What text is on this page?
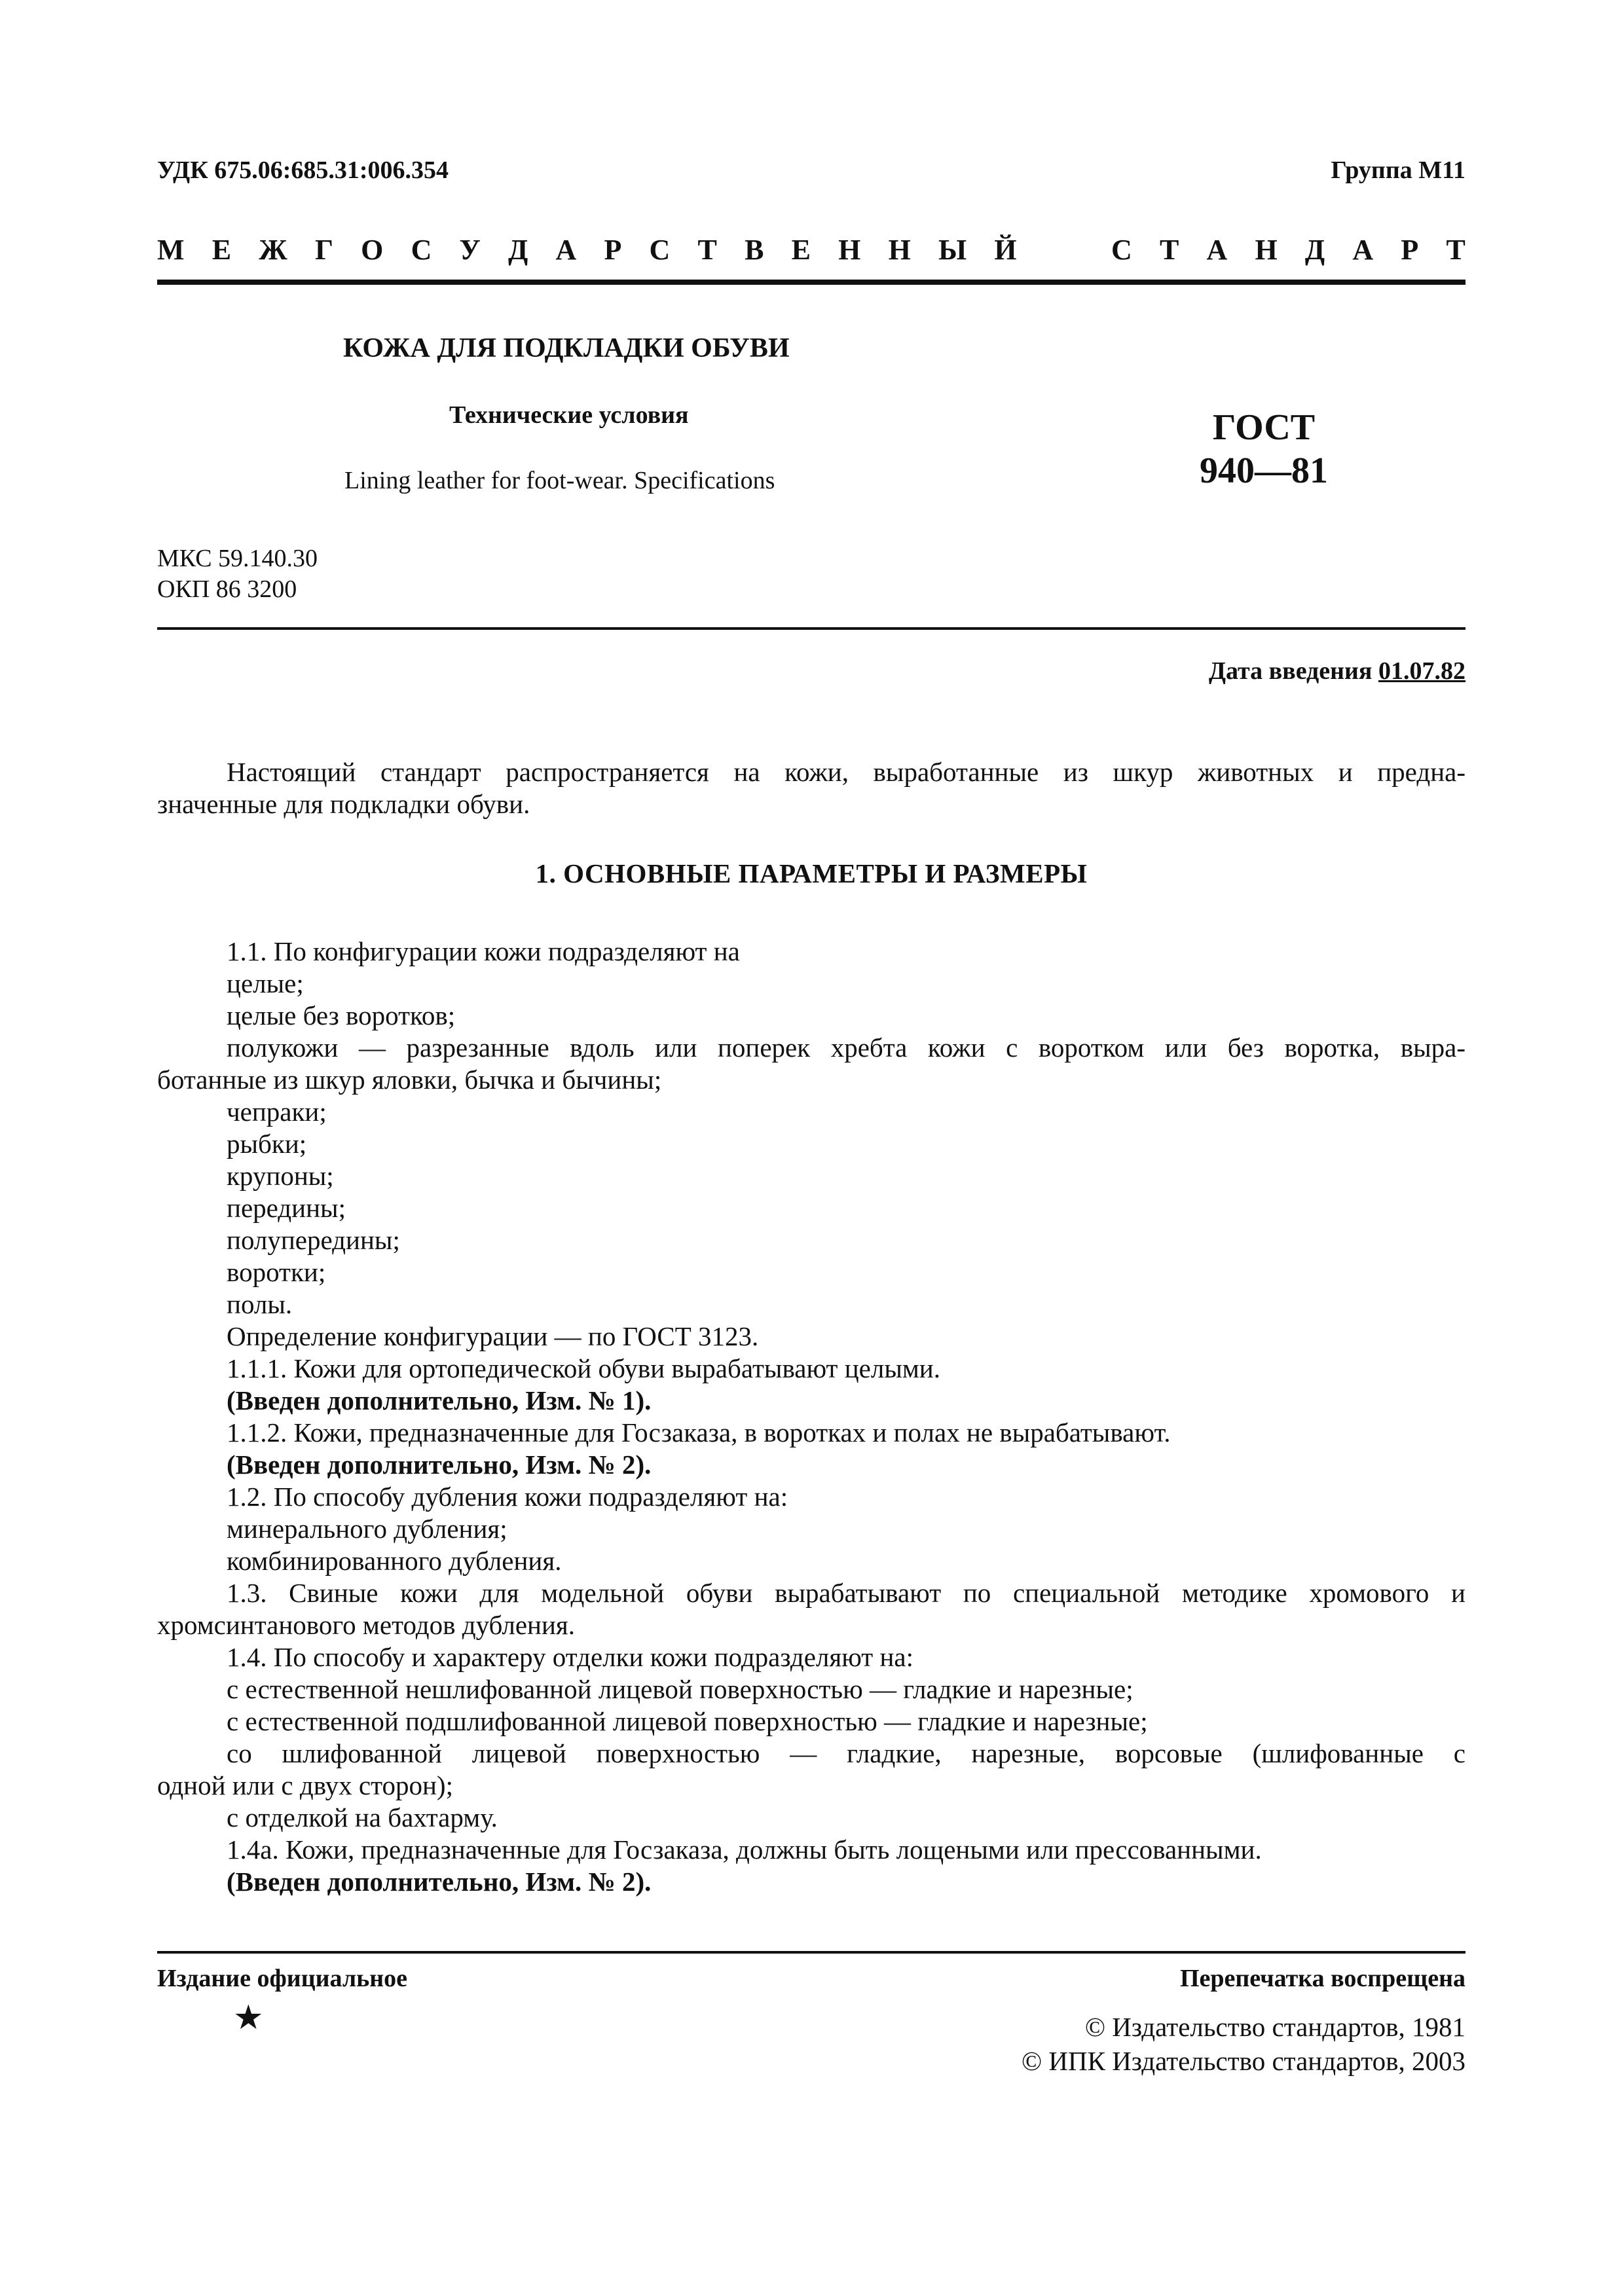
УДК 675.06:685.31:006.354	Группа М11
М Е Ж Г О С У Д А Р С Т В Е Н Н Ы Й	С Т А Н Д А Р Т
КОЖА ДЛЯ ПОДКЛАДКИ ОБУВИ
Технические условия
Lining leather for foot-wear. Specifications
ГОСТ
940—81
МКС 59.140.30
ОКП 86 3200
Дата введения 01.07.82

Настоящий стандарт распространяется на кожи, выработанные из шкур животных и предна-

значенные для подкладки обуви.

1. ОСНОВНЫЕ ПАРАМЕТРЫ И РАЗМЕРЫ

1.1. По конфигурации кожи подразделяют на

целые;

целые без воротков;

полукожи — разрезанные вдоль или поперек хребта кожи с воротком или без воротка, выра-

ботанные из шкур яловки, бычка и бычины;

чепраки;

рыбки;

крупоны;

передины;

полупередины;

воротки;

полы.

Определение конфигурации — по ГОСТ 3123.

1.1.1. Кожи для ортопедической обуви вырабатывают целыми.

(Введен дополнительно, Изм. № 1).

1.1.2. Кожи, предназначенные для Госзаказа, в воротках и полах не вырабатывают.

(Введен дополнительно, Изм. № 2).

1.2. По способу дубления кожи подразделяют на:

минерального дубления;

комбинированного дубления.

1.3. Свиные кожи для модельной обуви вырабатывают по специальной методике хромового и

хромсинтанового методов дубления.

1.4. По способу и характеру отделки кожи подразделяют на:

с естественной нешлифованной лицевой поверхностью — гладкие и нарезные;

с естественной подшлифованной лицевой поверхностью — гладкие и нарезные;

со шлифованной лицевой поверхностью — гладкие, нарезные, ворсовые (шлифованные с

одной или с двух сторон);

с отделкой на бахтарму.

1.4а. Кожи, предназначенные для Госзаказа, должны быть лощеными или прессованными.

(Введен дополнительно, Изм. № 2).

Издание официальное	Перепечатка воспрещена
★	© Издательство стандартов, 1981
© ИПК Издательство стандартов, 2003
